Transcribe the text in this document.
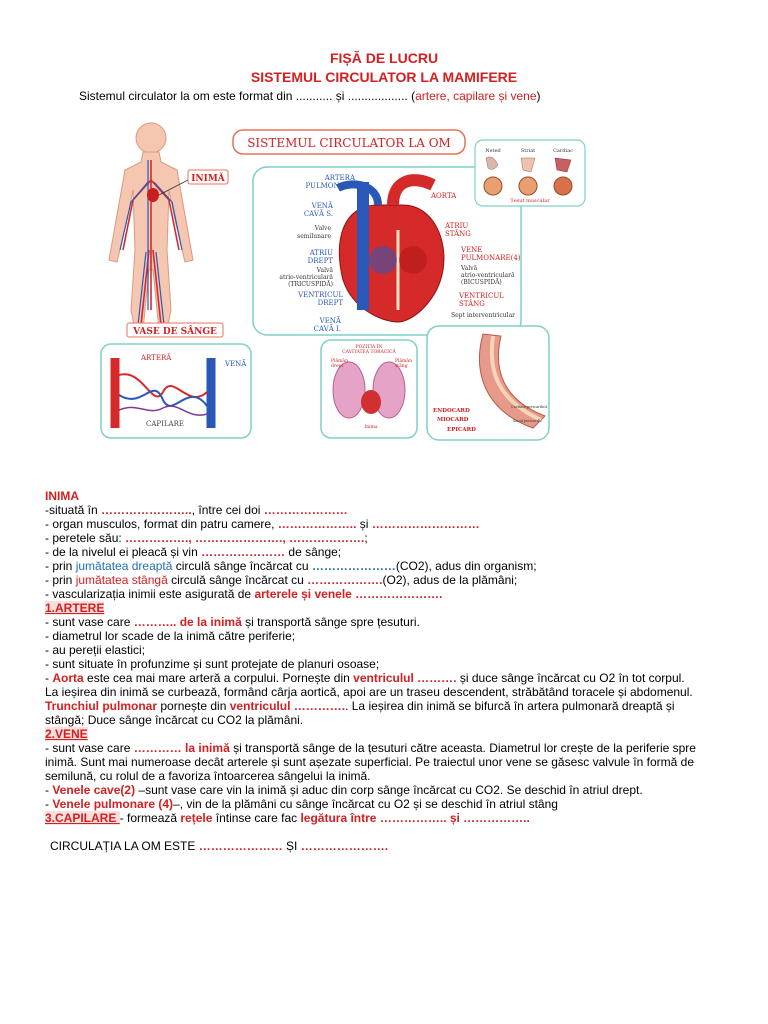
FIȘĂ DE LUCRU
SISTEMUL CIRCULATOR LA MAMIFERE
Sistemul circulator la om este format din ........... și .................. (artere, capilare și vene)
INIMĂ
VASE DE SÂNGE
SISTEMUL CIRCULATOR LA OM
ARTERA
PULMONARĂ
VENĂ
CAVĂ S.
Valve
semilunare
ATRIU
DREPT
Valvă
atrio-ventriculară
(TRICUSPIDĂ)
VENTRICUL
DREPT
VENĂ
CAVĂ I.
AORTA
ATRIU
STÂNG
VENE
PULMONARE(4)
Valvă
atrio-ventriculară
(BICUSPIDĂ)
VENTRICUL
STÂNG
Sept interventricular
Neted	Striat	Cardiac
Țesut muscular
ARTERĂ
VENĂ
CAPILARE
POZIȚIA ÎN
CAVITATEA TORACICĂ
Plămân
drept
Plămân
stâng
Inima
ENDOCARD
MIOCARD
EPICARD
Cavitate pericardică
Sacul pericardic
INIMA
-situată în ………………….., între cei doi …………………
- organ musculos, format din patru camere, ……………….. și ………………………
- peretele său: ……………., …………………., ……………….;
- de la nivelul ei pleacă și vin ………………… de sânge;
- prin jumătatea dreaptă circulă sânge încărcat cu …………………(CO2), adus din organism;
- prin jumătatea stângă circulă sânge încărcat cu ……………….(O2), adus de la plămâni;
- vascularizația inimii este asigurată de arterele și venele ………………….
1.ARTERE
- sunt vase care ……….. de la inimă și transportă sânge spre țesuturi.
- diametrul lor scade de la inimă către periferie;
- au pereții elastici;
- sunt situate în profunzime și sunt protejate de planuri osoase;
- Aorta este cea mai mare arteră a corpului. Pornește din ventriculul ………. și duce sânge încărcat cu O2 în tot corpul.
La ieșirea din inimă se curbează, formând cârja aortică, apoi are un traseu descendent, străbătând toracele și abdomenul.
Trunchiul pulmonar pornește din ventriculul ………….. La ieșirea din inimă se bifurcă în artera pulmonară dreaptă și
stângă; Duce sânge încărcat cu CO2 la plămâni.
2.VENE
- sunt vase care ………… la inimă și transportă sânge de la țesuturi către aceasta. Diametrul lor crește de la periferie spre
inimă. Sunt mai numeroase decât arterele și sunt așezate superficial. Pe traiectul unor vene se găsesc valvule în formă de
semilună, cu rolul de a favoriza întoarcerea sângelui la inimă.
- Venele cave(2) –sunt vase care vin la inimă și aduc din corp sânge încărcat cu CO2. Se deschid în atriul drept.
- Venele pulmonare (4)–, vin de la plămâni cu sânge încărcat cu O2 și se deschid în atriul stâng
3.CAPILARE - formează rețele întinse care fac legătura între …………….. și ……………..
CIRCULAȚIA LA OM ESTE ………………… ȘI ………………….
